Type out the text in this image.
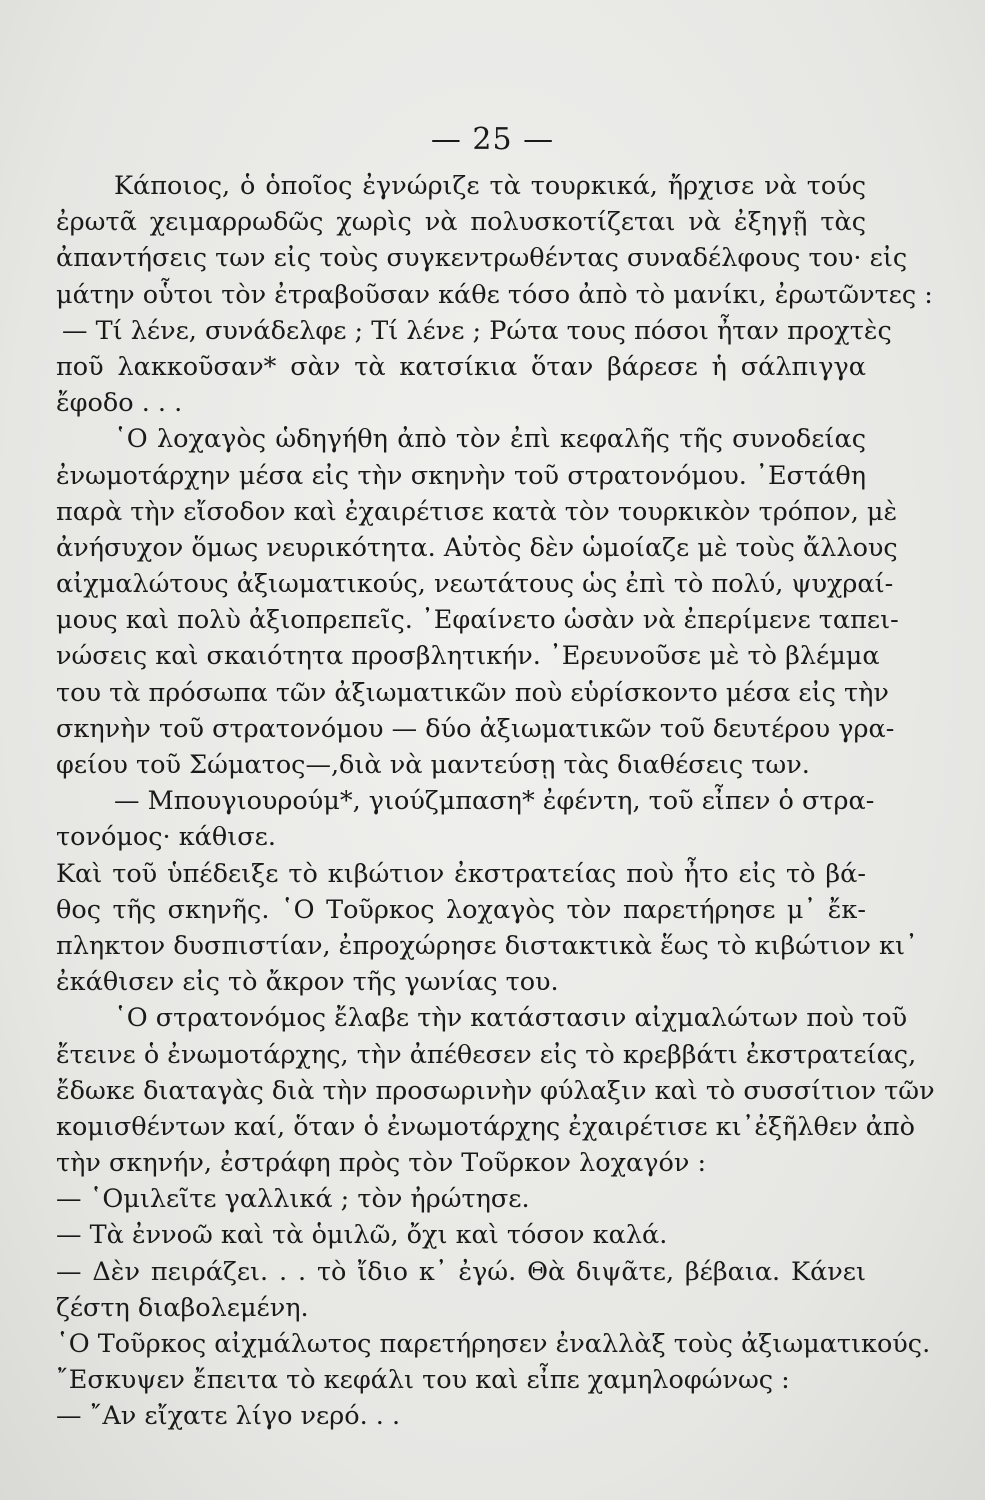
— 25 —
Κάποιος, ὁ ὁποῖος ἐγνώριζε τὰ τουρκικά, ἤρχισε νὰ τούς
ἐρωτᾶ χειμαρρωδῶς χωρὶς νὰ πολυσκοτίζεται νὰ ἐξηγῇ τὰς
ἀπαντήσεις των εἰς τοὺς συγκεντρωθέντας συναδέλφους του· εἰς
μάτην οὗτοι τὸν ἐτραβοῦσαν κάθε τόσο ἀπὸ τὸ μανίκι, ἐρωτῶντες :
— Τί λένε, συνάδελφε ; Τί λένε ; Ρώτα τους πόσοι ἦταν προχτὲς
ποῦ λακκοῦσαν* σὰν τὰ κατσίκια ὅταν βάρεσε ἡ σάλπιγγα
ἔφοδο . . .
῾Ο λοχαγὸς ὡδηγήθη ἀπὸ τὸν ἐπὶ κεφαλῆς τῆς συνοδείας
ἐνωμοτάρχην μέσα εἰς τὴν σκηνὴν τοῦ στρατονόμου. ᾽Εστάθη
παρὰ τὴν εἴσοδον καὶ ἐχαιρέτισε κατὰ τὸν τουρκικὸν τρόπον, μὲ
ἀνήσυχον ὅμως νευρικότητα. Αὐτὸς δὲν ὡμοίαζε μὲ τοὺς ἄλλους
αἰχμαλώτους ἀξιωματικούς, νεωτάτους ὡς ἐπὶ τὸ πολύ, ψυχραί-
μους καὶ πολὺ ἀξιοπρεπεῖς. ᾽Εφαίνετο ὡσὰν νὰ ἐπερίμενε ταπει-
νώσεις καὶ σκαιότητα προσβλητικήν. ᾽Ερευνοῦσε μὲ τὸ βλέμμα
του τὰ πρόσωπα τῶν ἀξιωματικῶν ποὺ εὑρίσκοντο μέσα εἰς τὴν
σκηνὴν τοῦ στρατονόμου — δύο ἀξιωματικῶν τοῦ δευτέρου γρα-
φείου τοῦ Σώματος—,διὰ νὰ μαντεύσῃ τὰς διαθέσεις των.
— Μπουγιουρούμ*, γιούζμπαση* ἐφέντη, τοῦ εἶπεν ὁ στρα-
τονόμος· κάθισε.
Καὶ τοῦ ὑπέδειξε τὸ κιβώτιον ἐκστρατείας ποὺ ἦτο εἰς τὸ βά-
θος τῆς σκηνῆς. ῾Ο Τοῦρκος λοχαγὸς τὸν παρετήρησε μ᾽ ἔκ-
πληκτον δυσπιστίαν, ἐπροχώρησε διστακτικὰ ἕως τὸ κιβώτιον κι᾽
ἐκάθισεν εἰς τὸ ἄκρον τῆς γωνίας του.
῾Ο στρατονόμος ἔλαβε τὴν κατάστασιν αἰχμαλώτων ποὺ τοῦ
ἔτεινε ὁ ἐνωμοτάρχης, τὴν ἀπέθεσεν εἰς τὸ κρεββάτι ἐκστρατείας,
ἔδωκε διαταγὰς διὰ τὴν προσωρινὴν φύλαξιν καὶ τὸ συσσίτιον τῶν
κομισθέντων καί, ὅταν ὁ ἐνωμοτάρχης ἐχαιρέτισε κι᾽ἐξῆλθεν ἀπὸ
τὴν σκηνήν, ἐστράφη πρὸς τὸν Τοῦρκον λοχαγόν :
— ῾Ομιλεῖτε γαλλικά ; τὸν ἠρώτησε.
— Τὰ ἐννοῶ καὶ τὰ ὁμιλῶ, ὄχι καὶ τόσον καλά.
— Δὲν πειράζει. . . τὸ ἴδιο κ᾽ ἐγώ. Θὰ διψᾶτε, βέβαια. Κάνει
ζέστη διαβολεμένη.
῾Ο Τοῦρκος αἰχμάλωτος παρετήρησεν ἐναλλὰξ τοὺς ἀξιωματικούς.
῎Εσκυψεν ἔπειτα τὸ κεφάλι του καὶ εἶπε χαμηλοφώνως :
— ῎Αν εἴχατε λίγο νερό. . .
